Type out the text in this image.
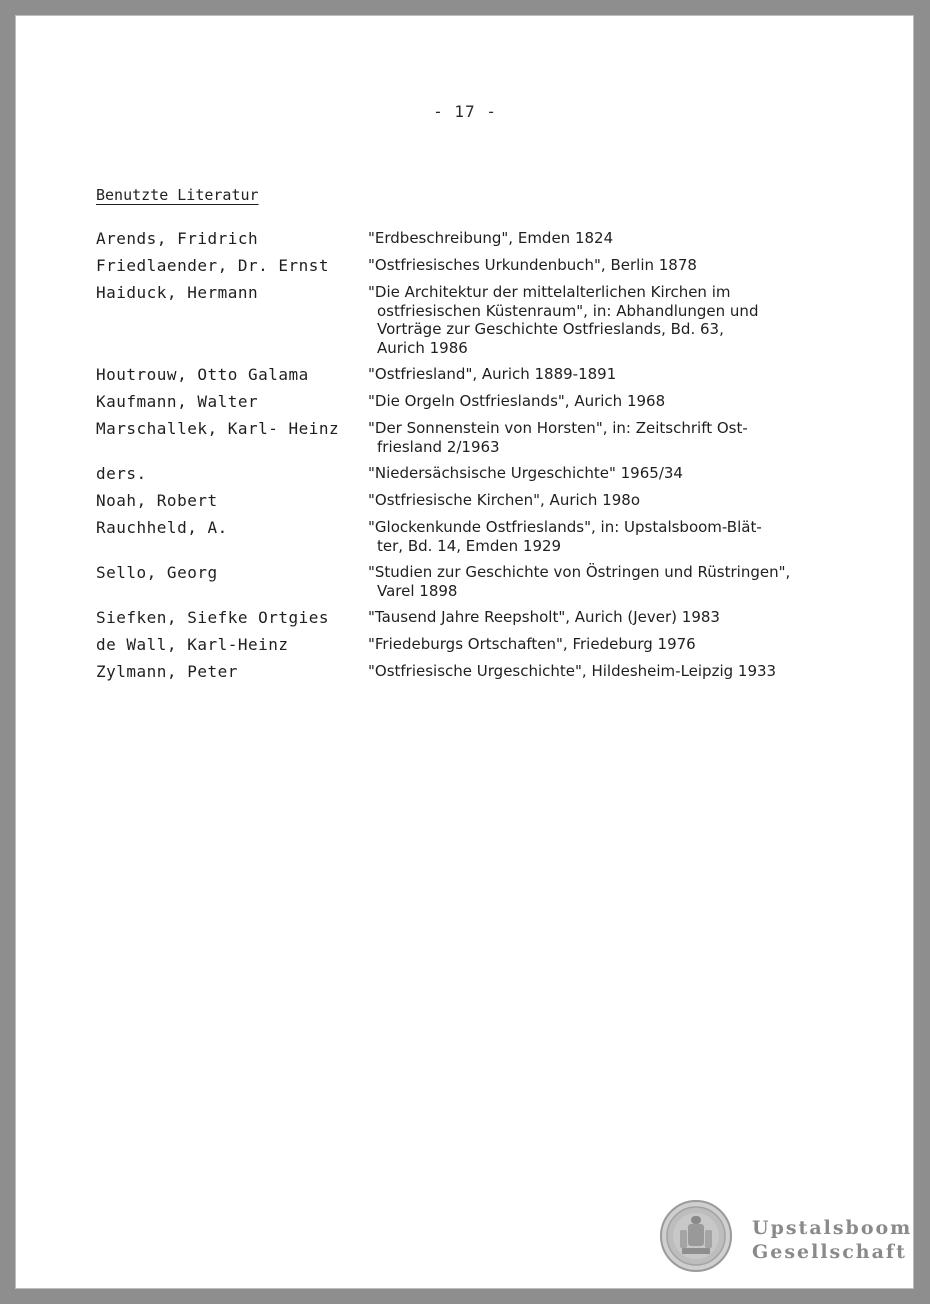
- 17 -
Benutzte Literatur
Arends, Fridrich	"Erdbeschreibung", Emden 1824
Friedlaender, Dr. Ernst	"Ostfriesisches Urkundenbuch", Berlin 1878
Haiduck, Hermann	"Die Architektur der mittelalterlichen Kirchen im
ostfriesischen Küstenraum", in: Abhandlungen und
Vorträge zur Geschichte Ostfrieslands, Bd. 63,
Aurich 1986
Houtrouw, Otto Galama	"Ostfriesland", Aurich 1889-1891
Kaufmann, Walter	"Die Orgeln Ostfrieslands", Aurich 1968
Marschallek, Karl- Heinz	"Der Sonnenstein von Horsten", in: Zeitschrift Ost-
friesland 2/1963
ders.	"Niedersächsische Urgeschichte" 1965/34
Noah, Robert	"Ostfriesische Kirchen", Aurich 198o
Rauchheld, A.	"Glockenkunde Ostfrieslands", in: Upstalsboom-Blät-
ter, Bd. 14, Emden 1929
Sello, Georg	"Studien zur Geschichte von Östringen und Rüstringen",
Varel 1898
Siefken, Siefke Ortgies	"Tausend Jahre Reepsholt", Aurich (Jever) 1983
de Wall, Karl-Heinz	"Friedeburgs Ortschaften", Friedeburg 1976
Zylmann, Peter	"Ostfriesische Urgeschichte", Hildesheim-Leipzig 1933
Upstalsboom
Gesellschaft
